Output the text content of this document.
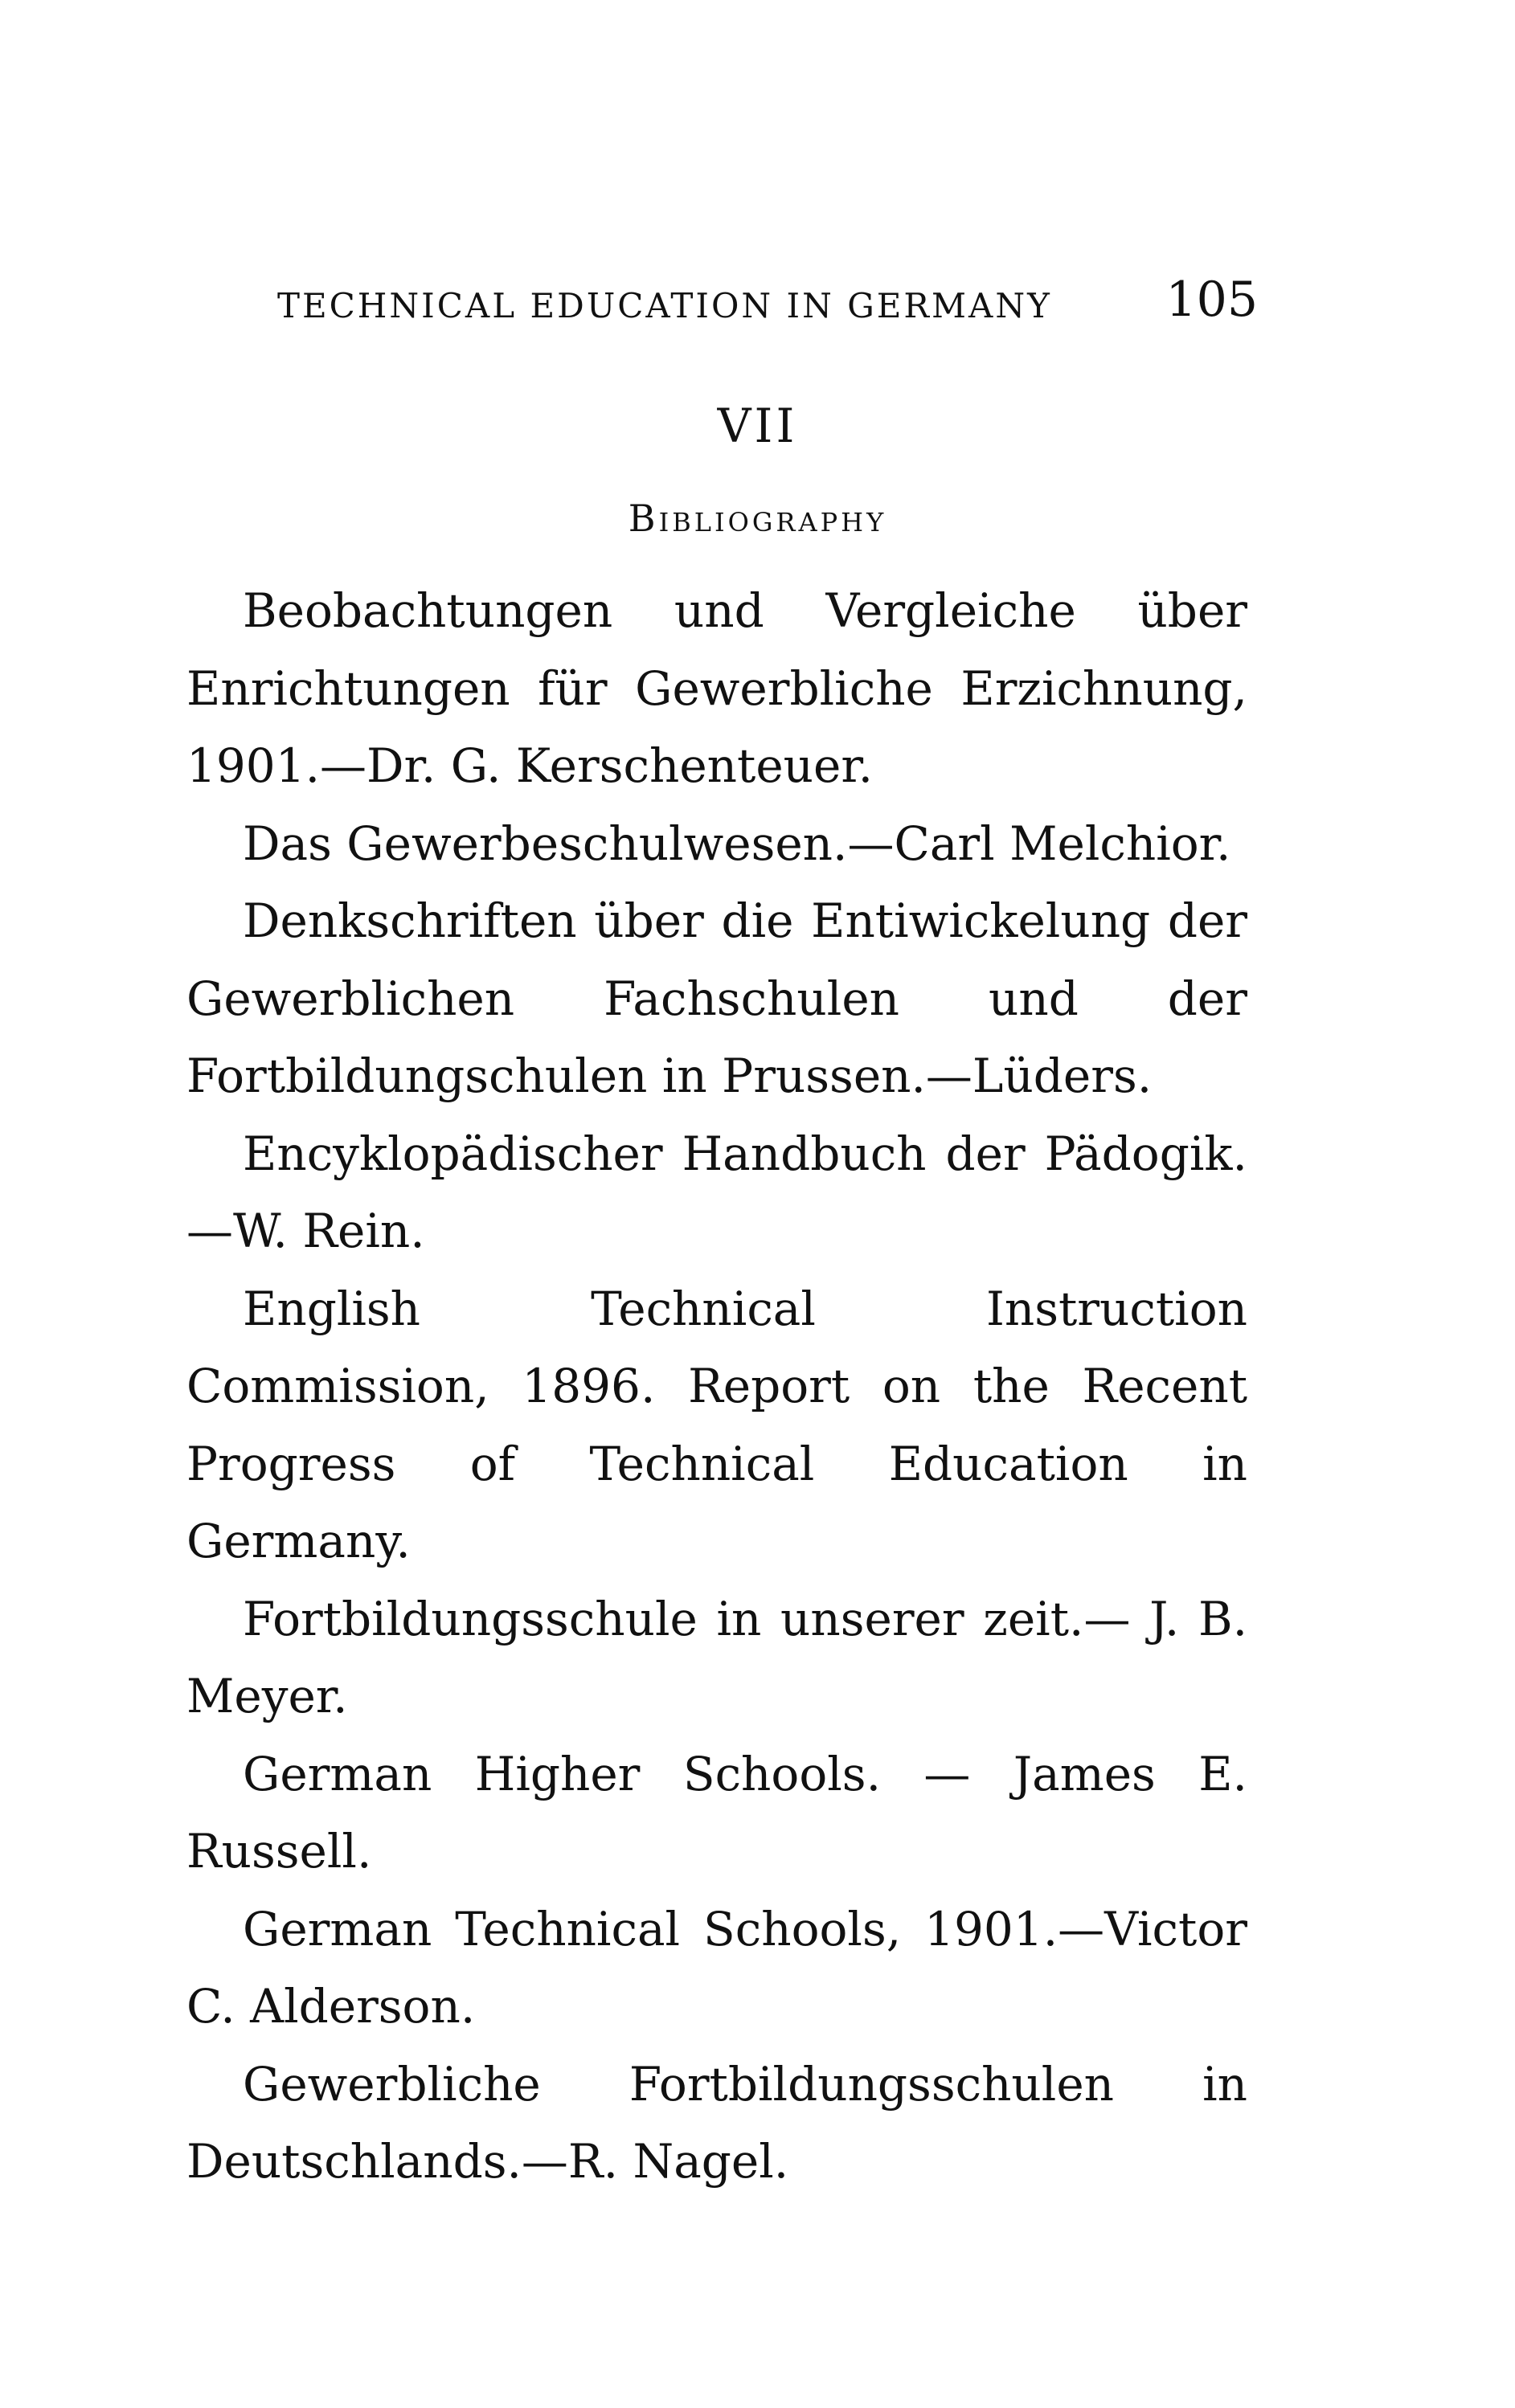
TECHNICAL EDUCATION IN GERMANY 105
VII
Bibliography

Beobachtungen und Vergleiche über Enrichtungen für Gewerbliche Erzichnung, 1901.—Dr. G. Kerschenteuer.

Das Gewerbeschulwesen.—Carl Melchior.

Denkschriften über die Entiwickelung der Gewerblichen Fachschulen und der Fortbildungschulen in Prussen.—Lüders.

Encyklopädischer Handbuch der Pädogik. —W. Rein.

English Technical Instruction Commission, 1896. Report on the Recent Progress of Technical Education in Germany.

Fortbildungsschule in unserer zeit.— J. B. Meyer.

German Higher Schools. — James E. Russell.

German Technical Schools, 1901.—Victor C. Alderson.

Gewerbliche Fortbildungsschulen in Deutschlands.—R. Nagel.
